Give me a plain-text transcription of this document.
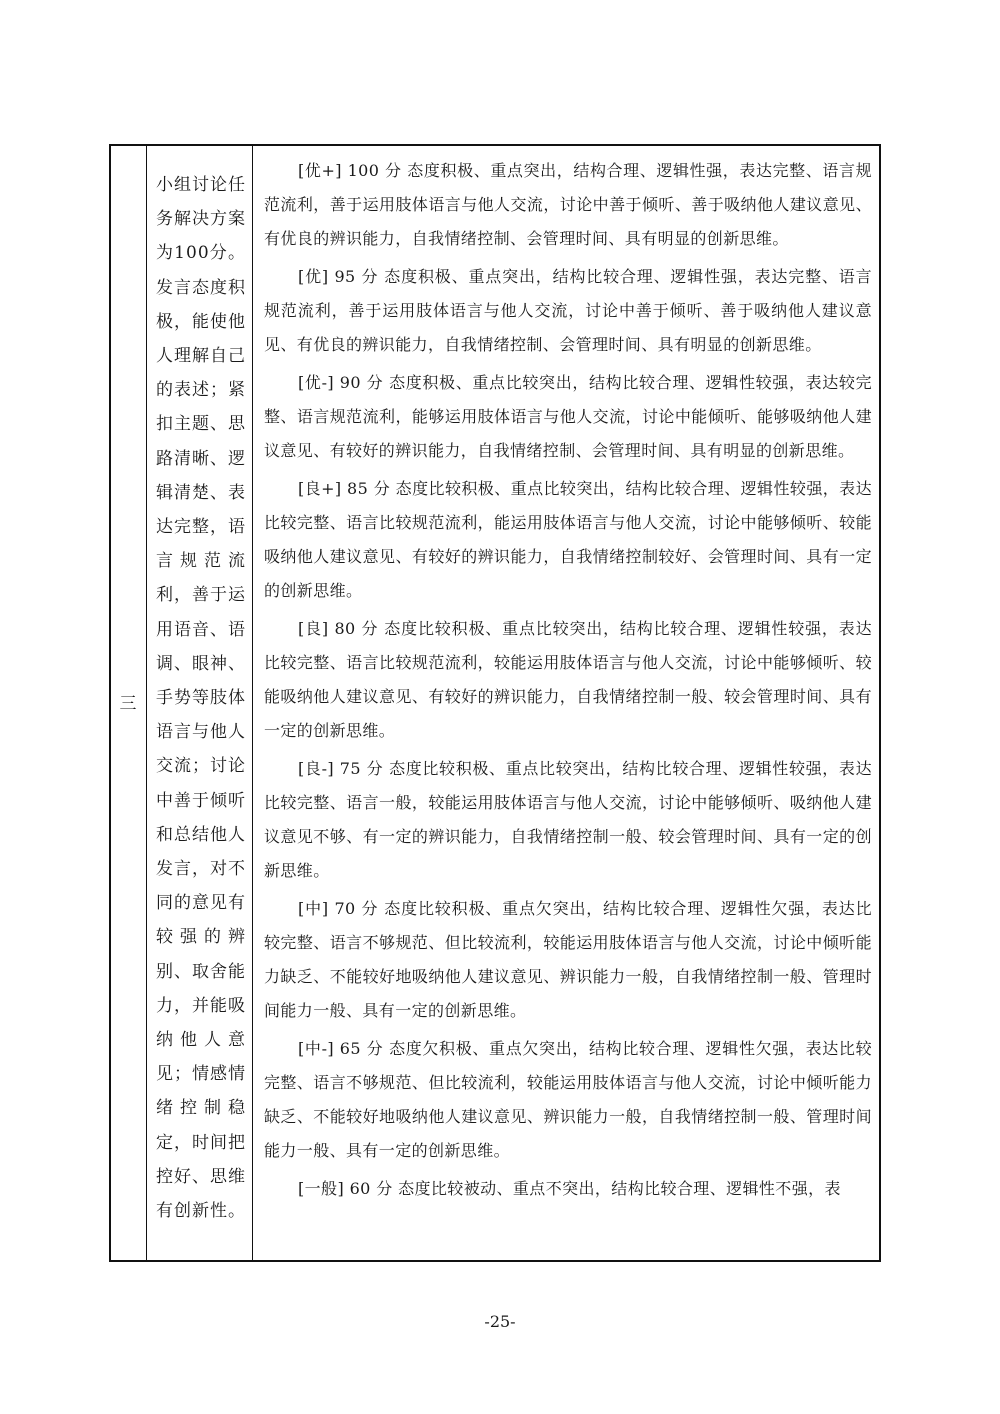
三
小组讨论任务解决方案为100分。发言态度积极，能使他人理解自己的表述；紧扣主题、思路清晰、逻辑清楚、表达完整，语言规范流利，善于运用语音、语调、眼神、手势等肢体语言与他人交流；讨论中善于倾听和总结他人发言，对不同的意见有较强的辨别、取舍能力，并能吸纳他人意见；情感情绪控制稳定，时间把控好、思维有创新性。

[优+] 100 分 态度积极、重点突出，结构合理、逻辑性强，表达完整、语言规范流利，善于运用肢体语言与他人交流，讨论中善于倾听、善于吸纳他人建议意见、有优良的辨识能力，自我情绪控制、会管理时间、具有明显的创新思维。

[优] 95 分 态度积极、重点突出，结构比较合理、逻辑性强，表达完整、语言规范流利，善于运用肢体语言与他人交流，讨论中善于倾听、善于吸纳他人建议意见、有优良的辨识能力，自我情绪控制、会管理时间、具有明显的创新思维。

[优-] 90 分 态度积极、重点比较突出，结构比较合理、逻辑性较强，表达较完整、语言规范流利，能够运用肢体语言与他人交流，讨论中能倾听、能够吸纳他人建议意见、有较好的辨识能力，自我情绪控制、会管理时间、具有明显的创新思维。

[良+] 85 分 态度比较积极、重点比较突出，结构比较合理、逻辑性较强，表达比较完整、语言比较规范流利，能运用肢体语言与他人交流，讨论中能够倾听、较能吸纳他人建议意见、有较好的辨识能力，自我情绪控制较好、会管理时间、具有一定的创新思维。

[良] 80 分 态度比较积极、重点比较突出，结构比较合理、逻辑性较强，表达比较完整、语言比较规范流利，较能运用肢体语言与他人交流，讨论中能够倾听、较能吸纳他人建议意见、有较好的辨识能力，自我情绪控制一般、较会管理时间、具有一定的创新思维。

[良-] 75 分 态度比较积极、重点比较突出，结构比较合理、逻辑性较强，表达比较完整、语言一般，较能运用肢体语言与他人交流，讨论中能够倾听、吸纳他人建议意见不够、有一定的辨识能力，自我情绪控制一般、较会管理时间、具有一定的创新思维。

[中] 70 分 态度比较积极、重点欠突出，结构比较合理、逻辑性欠强，表达比较完整、语言不够规范、但比较流利，较能运用肢体语言与他人交流，讨论中倾听能力缺乏、不能较好地吸纳他人建议意见、辨识能力一般，自我情绪控制一般、管理时间能力一般、具有一定的创新思维。

[中-] 65 分 态度欠积极、重点欠突出，结构比较合理、逻辑性欠强，表达比较完整、语言不够规范、但比较流利，较能运用肢体语言与他人交流，讨论中倾听能力缺乏、不能较好地吸纳他人建议意见、辨识能力一般，自我情绪控制一般、管理时间能力一般、具有一定的创新思维。

[一般] 60 分 态度比较被动、重点不突出，结构比较合理、逻辑性不强，表

-25-
